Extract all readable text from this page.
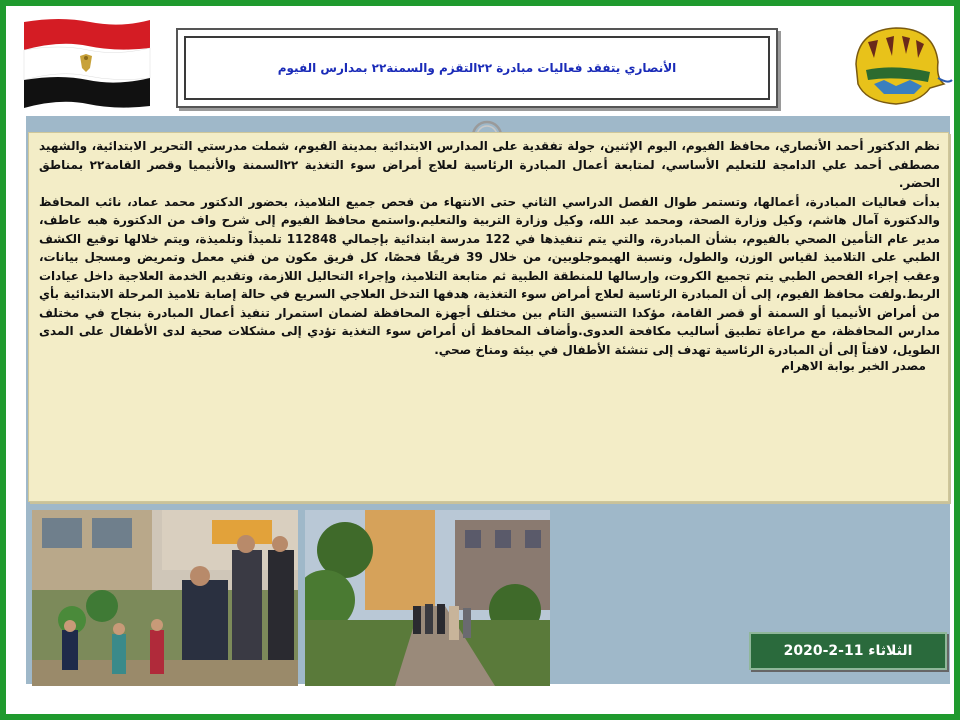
الأنصاري يتفقد فعاليات مبادرة ٢٢التقزم والسمنة٢٢ بمدارس الفيوم

نظم الدكتور أحمد الأنصاري، محافظ الفيوم، اليوم الإثنين، جولة تفقدية على المدارس الابتدائية بمدينة الفيوم، شملت مدرستي التحرير الابتدائية، والشهيد مصطفى أحمد علي الدامجة للتعليم الأساسي، لمتابعة أعمال المبادرة الرئاسية لعلاج أمراض سوء التغذية ٢٢السمنة والأنيميا وقصر القامة٢٢ بمناطق الحضر.

بدأت فعاليات المبادرة، أعمالها، وتستمر طوال الفصل الدراسي الثاني حتى الانتهاء من فحص جميع التلاميذ، بحضور الدكتور محمد عماد، نائب المحافظ والدكتورة آمال هاشم، وكيل وزارة الصحة، ومحمد عبد الله، وكيل وزارة التربية والتعليم.واستمع محافظ الفيوم إلى شرح واف من الدكتورة هبه عاطف، مدير عام التأمين الصحي بالفيوم، بشأن المبادرة، والتي يتم تنفيذها في 122 مدرسة ابتدائية بإجمالي 112848 تلميذاً وتلميذة، ويتم خلالها توقيع الكشف الطبي على التلاميذ لقياس الوزن، والطول، ونسبة الهيموجلوبين، من خلال 39 فريقًا فحصًا، كل فريق مكون من فني معمل وتمريض ومسجل بيانات، وعقب إجراء الفحص الطبي يتم تجميع الكروت، وإرسالها للمنطقة الطبية ثم متابعة التلاميذ، وإجراء التحاليل اللازمة، وتقديم الخدمة العلاجية داخل عيادات الربط.ولفت محافظ الفيوم، إلى أن المبادرة الرئاسية لعلاج أمراض سوء التغذية، هدفها التدخل العلاجي السريع في حالة إصابة تلاميذ المرحلة الابتدائية بأي من أمراض الأنيميا أو السمنة أو قصر القامة، مؤكدا التنسيق التام بين مختلف أجهزة المحافظة لضمان استمرار تنفيذ أعمال المبادرة بنجاح في مختلف مدارس المحافظة، مع مراعاة تطبيق أساليب مكافحة العدوى.وأضاف المحافظ أن أمراض سوء التغذية تؤدي إلى مشكلات صحية لدى الأطفال على المدى الطويل، لافتاً إلى أن المبادرة الرئاسية تهدف إلى تنشئة الأطفال في بيئة ومناخ صحي.

مصدر الخبر بوابة الاهرام

الثلاثاء 11-2-2020
